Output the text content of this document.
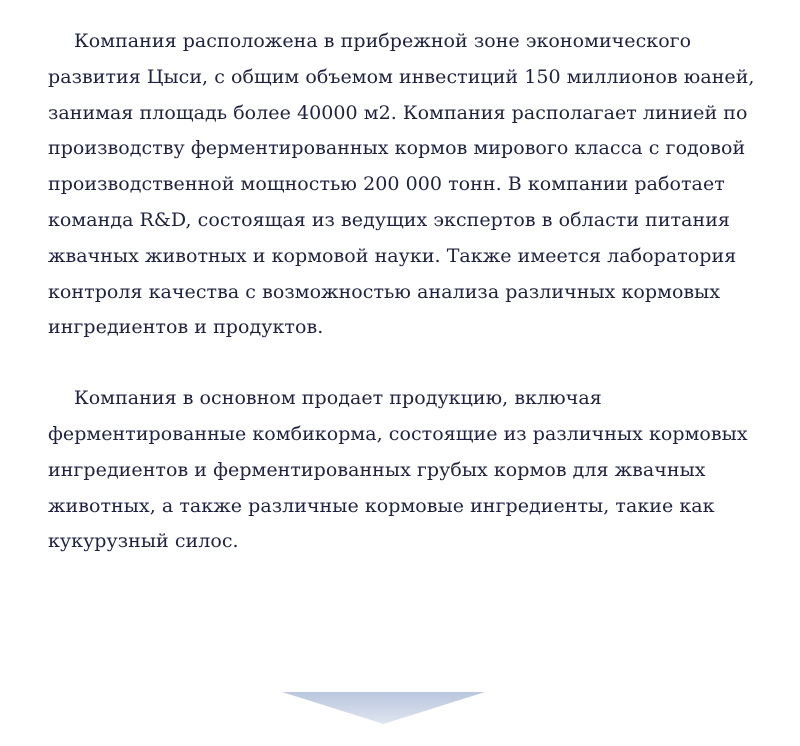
Компания расположена в прибрежной зоне экономического развития Цыси, с общим объемом инвестиций 150 миллионов юаней, занимая площадь более 40000 м2. Компания располагает линией по производству ферментированных кормов мирового класса с годовой производственной мощностью 200 000 тонн. В компании работает команда R&D, состоящая из ведущих экспертов в области питания жвачных животных и кормовой науки. Также имеется лаборатория контроля качества с возможностью анализа различных кормовых ингредиентов и продуктов.

Компания в основном продает продукцию, включая ферментированные комбикорма, состоящие из различных кормовых ингредиентов и ферментированных грубых кормов для жвачных животных, а также различные кормовые ингредиенты, такие как кукурузный силос.
